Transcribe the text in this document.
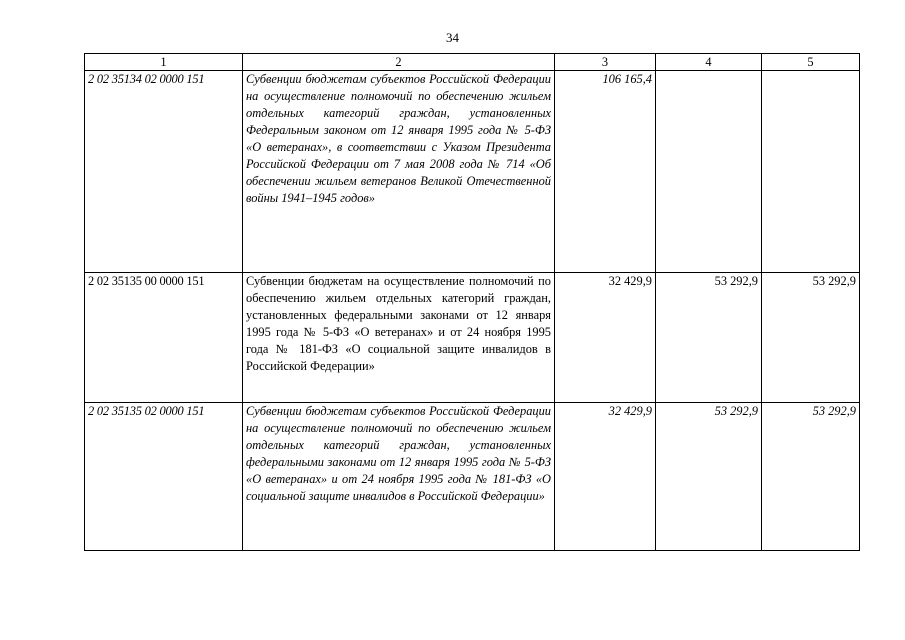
34
1	2	3	4	5
2 02 35134 02 0000 151	Субвенции бюджетам субъектов Российской Федерации на осуществление полномочий по обеспечению жильем отдельных категорий граждан, установленных Федеральным законом от 12 января 1995 года № 5-ФЗ «О ветеранах», в соответствии с Указом Президента Российской Федерации от 7 мая 2008 года № 714 «Об обеспечении жильем ветеранов Великой Отечественной войны 1941–1945 годов»	106 165,4		
2 02 35135 00 0000 151	Субвенции бюджетам на осуществление полномочий по обеспечению жильем отдельных категорий граждан, установленных федеральными законами от 12 января 1995 года № 5-ФЗ «О ветеранах» и от 24 ноября 1995 года № 181-ФЗ «О социальной защите инвалидов в Российской Федерации»	32 429,9	53 292,9	53 292,9
2 02 35135 02 0000 151	Субвенции бюджетам субъектов Российской Федерации на осуществление полномочий по обеспечению жильем отдельных категорий граждан, установленных федеральными законами от 12 января 1995 года № 5-ФЗ «О ветеранах» и от 24 ноября 1995 года № 181-ФЗ «О социальной защите инвалидов в Российской Федерации»	32 429,9	53 292,9	53 292,9
